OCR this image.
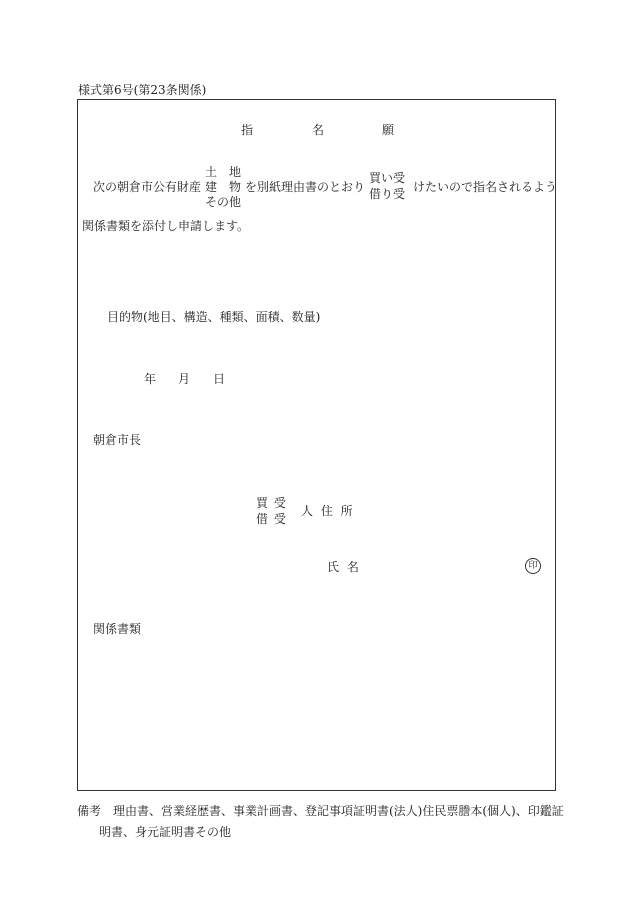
様式第6号(第23条関係)
指	名	願
次の朝倉市公有財産
土　地
建　物
その他
を別紙理由書のとおり
買い受
借り受 けたいので指名されるよう
関係書類を添付し申請します。
目的物(地目、構造、種類、面積、数量)
年 月 日
朝倉市長
買受
借受
人 住 所
氏 名	印
関係書類
備考　理由書、営業経歴書、事業計画書、登記事項証明書(法人)住民票謄本(個人)、印鑑証
明書、身元証明書その他
